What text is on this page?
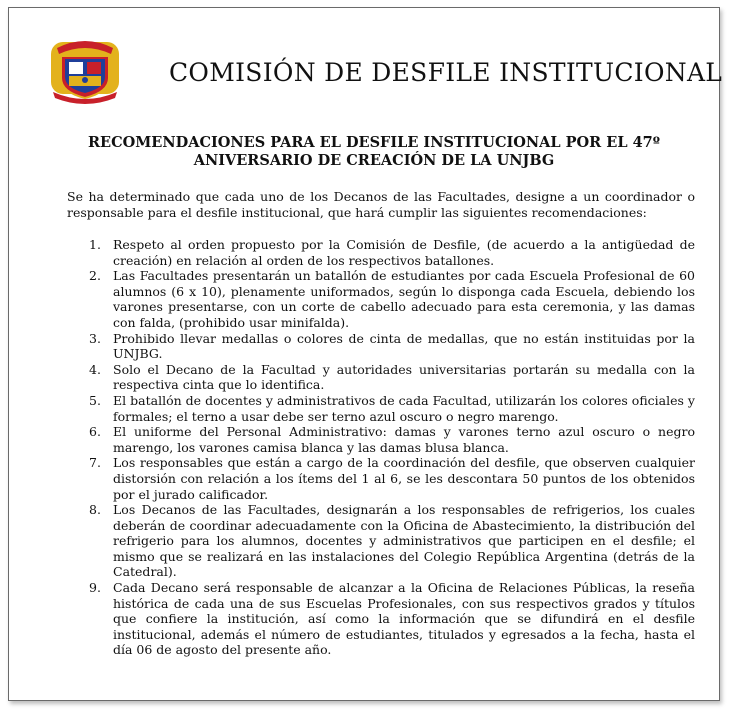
COMISIÓN DE DESFILE INSTITUCIONAL
RECOMENDACIONES PARA EL DESFILE INSTITUCIONAL POR EL 47º
ANIVERSARIO DE CREACIÓN DE LA UNJBG
Se ha determinado que cada uno de los Decanos de las Facultades, designe a un coordinador o responsable para el desfile institucional, que hará cumplir las siguientes recomendaciones:
1. Respeto al orden propuesto por la Comisión de Desfile, (de acuerdo a la antigüedad de creación) en relación al orden de los respectivos batallones.
2. Las Facultades presentarán un batallón de estudiantes por cada Escuela Profesional de 60 alumnos (6 x 10), plenamente uniformados, según lo disponga cada Escuela, debiendo los varones presentarse, con un corte de cabello adecuado para esta ceremonia, y las damas con falda, (prohibido usar minifalda).
3. Prohibido llevar medallas o colores de cinta de medallas, que no están instituidas por la UNJBG.
4. Solo el Decano de la Facultad y autoridades universitarias portarán su medalla con la respectiva cinta que lo identifica.
5. El batallón de docentes y administrativos de cada Facultad, utilizarán los colores oficiales y formales; el terno a usar debe ser terno azul oscuro o negro marengo.
6. El uniforme del Personal Administrativo: damas y varones terno azul oscuro o negro marengo, los varones camisa blanca y las damas blusa blanca.
7. Los responsables que están a cargo de la coordinación del desfile, que observen cualquier distorsión con relación a los ítems del 1 al 6, se les descontara 50 puntos de los obtenidos por el jurado calificador.
8. Los Decanos de las Facultades, designarán a los responsables de refrigerios, los cuales deberán de coordinar adecuadamente con la Oficina de Abastecimiento, la distribución del refrigerio para los alumnos, docentes y administrativos que participen en el desfile; el mismo que se realizará en las instalaciones del Colegio República Argentina (detrás de la Catedral).
9. Cada Decano será responsable de alcanzar a la Oficina de Relaciones Públicas, la reseña histórica de cada una de sus Escuelas Profesionales, con sus respectivos grados y títulos que confiere la institución, así como la información que se difundirá en el desfile institucional, además el número de estudiantes, titulados y egresados a la fecha, hasta el día 06 de agosto del presente año.
